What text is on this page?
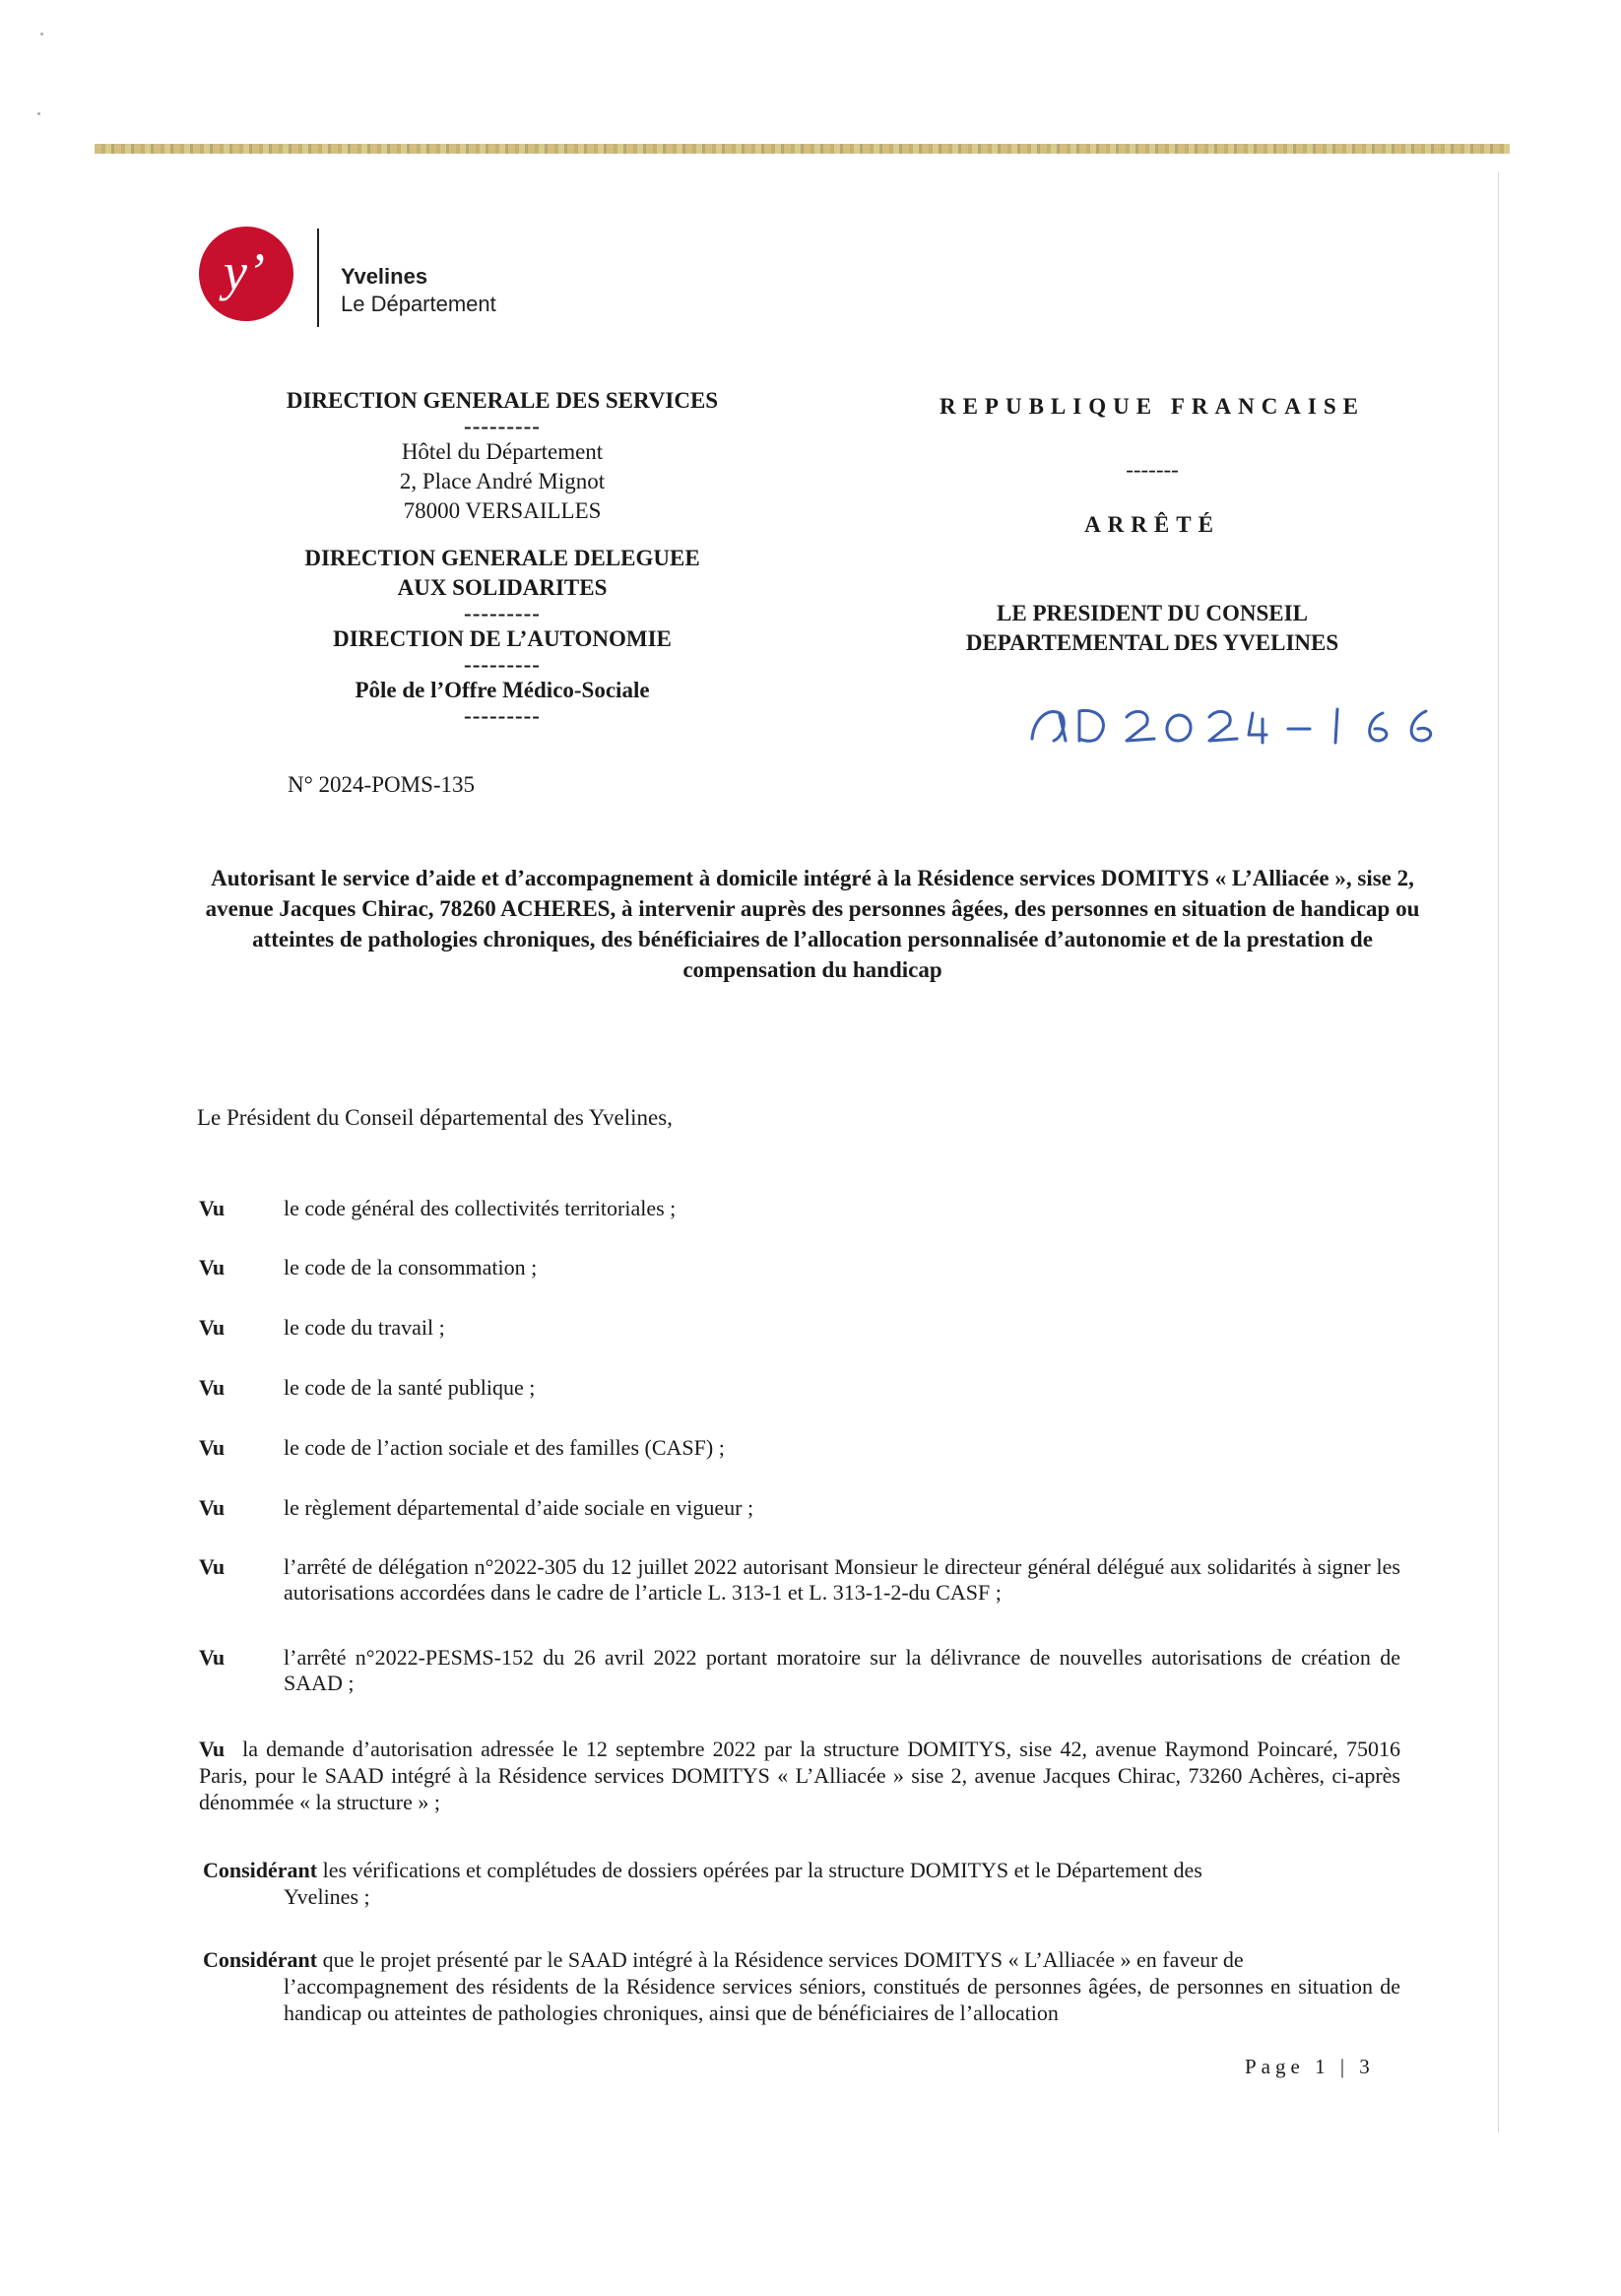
y’	Yvelines
Le Département
DIRECTION GENERALE DES SERVICES
---------
Hôtel du Département
2, Place André Mignot
78000 VERSAILLES
DIRECTION GENERALE DELEGUEE
AUX SOLIDARITES
---------
DIRECTION DE L’AUTONOMIE
---------
Pôle de l’Offre Médico-Sociale
---------
N° 2024-POMS-135
REPUBLIQUE FRANCAISE
-------
ARRÊTÉ
LE PRESIDENT DU CONSEIL
DEPARTEMENTAL DES YVELINES
Autorisant le service d’aide et d’accompagnement à domicile intégré à la Résidence services DOMITYS « L’Alliacée », sise 2, avenue Jacques Chirac, 78260 ACHERES, à intervenir auprès des personnes âgées, des personnes en situation de handicap ou atteintes de pathologies chroniques, des bénéficiaires de l’allocation personnalisée d’autonomie et de la prestation de compensation du handicap
Le Président du Conseil départemental des Yvelines,
Vu	le code général des collectivités territoriales ;
Vu	le code de la consommation ;
Vu	le code du travail ;
Vu	le code de la santé publique ;
Vu	le code de l’action sociale et des familles (CASF) ;
Vu	le règlement départemental d’aide sociale en vigueur ;
Vu	l’arrêté de délégation n°2022-305 du 12 juillet 2022 autorisant Monsieur le directeur général délégué aux solidarités à signer les autorisations accordées dans le cadre de l’article L. 313-1 et L. 313-1-2-du CASF ;
Vu	l’arrêté n°2022-PESMS-152 du 26 avril 2022 portant moratoire sur la délivrance de nouvelles autorisations de création de SAAD ;
Vu la demande d’autorisation adressée le 12 septembre 2022 par la structure DOMITYS, sise 42, avenue Raymond Poincaré, 75016 Paris, pour le SAAD intégré à la Résidence services DOMITYS « L’Alliacée » sise 2, avenue Jacques Chirac, 73260 Achères, ci-après dénommée « la structure » ;
Considérant les vérifications et complétudes de dossiers opérées par la structure DOMITYS et le Département des
Yvelines ;
Considérant que le projet présenté par le SAAD intégré à la Résidence services DOMITYS « L’Alliacée » en faveur de
l’accompagnement des résidents de la Résidence services séniors, constitués de personnes âgées, de personnes en situation de handicap ou atteintes de pathologies chroniques, ainsi que de bénéficiaires de l’allocation
Page 1 | 3
